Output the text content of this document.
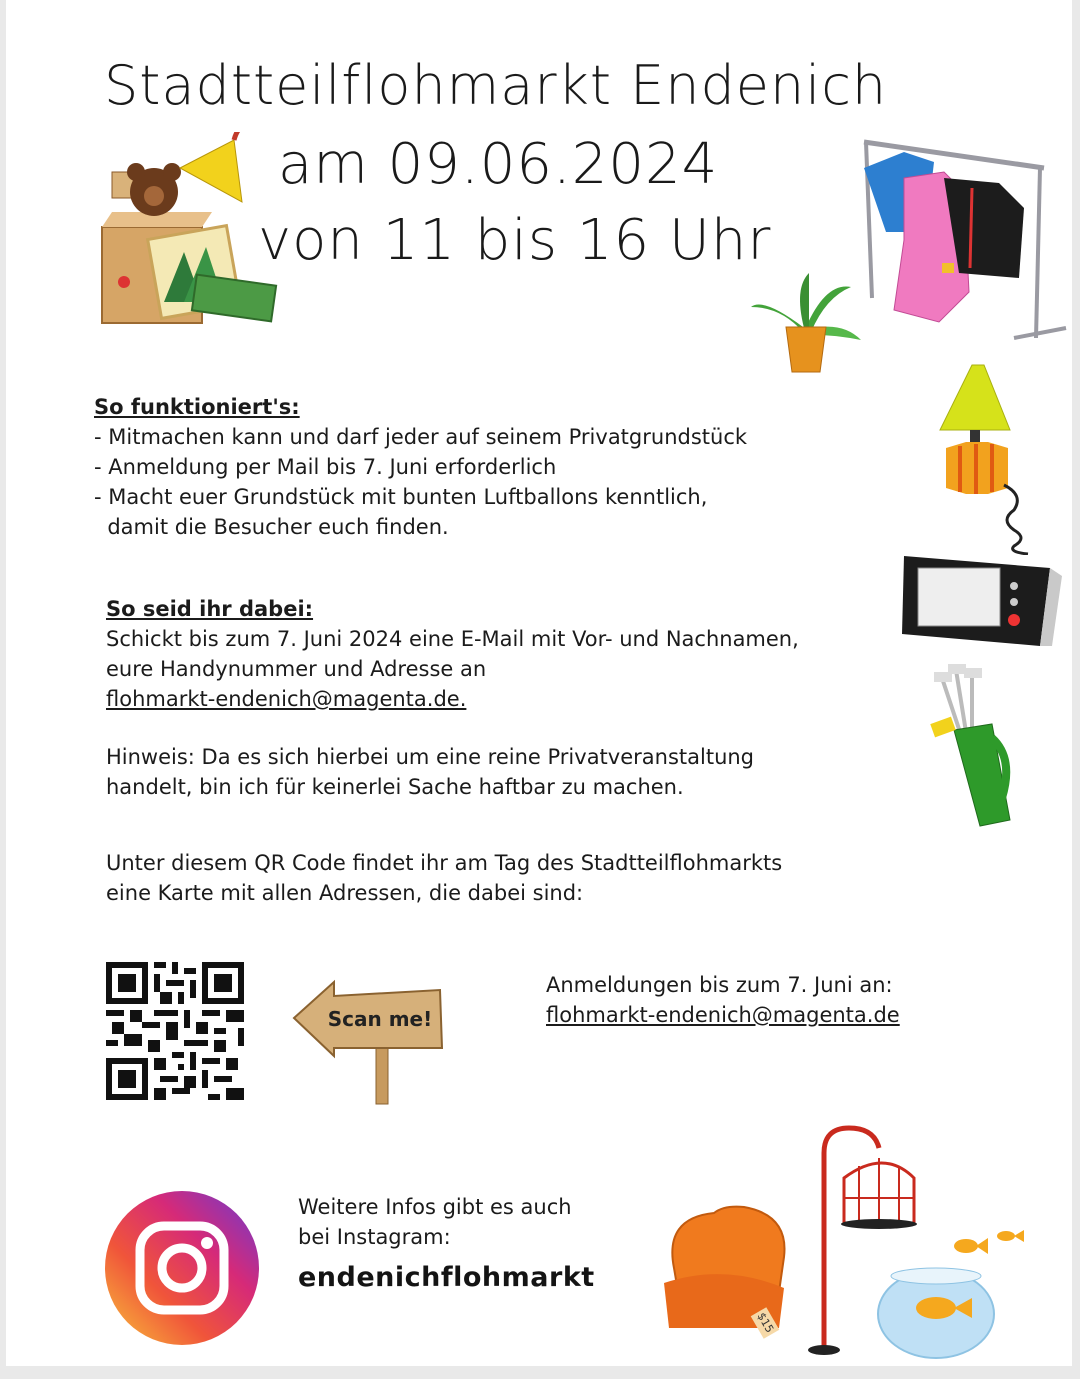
Stadtteilflohmarkt Endenich
am 09.06.2024
von 11 bis 16 Uhr
So funktioniert's:
- Mitmachen kann und darf jeder auf seinem Privatgrundstück
- Anmeldung per Mail bis 7. Juni erforderlich
- Macht euer Grundstück mit bunten Luftballons kenntlich,
damit die Besucher euch finden.
So seid ihr dabei:
Schickt bis zum 7. Juni 2024 eine E-Mail mit Vor- und Nachnamen,
eure Handynummer und Adresse an
flohmarkt-endenich@magenta.de.
Hinweis: Da es sich hierbei um eine reine Privatveranstaltung
handelt, bin ich für keinerlei Sache haftbar zu machen.
Unter diesem QR Code findet ihr am Tag des Stadtteilflohmarkts
eine Karte mit allen Adressen, die dabei sind:
Scan me!
Anmeldungen bis zum 7. Juni an:
flohmarkt-endenich@magenta.de
Weitere Infos gibt es auch
bei Instagram:
endenichflohmarkt
$15
